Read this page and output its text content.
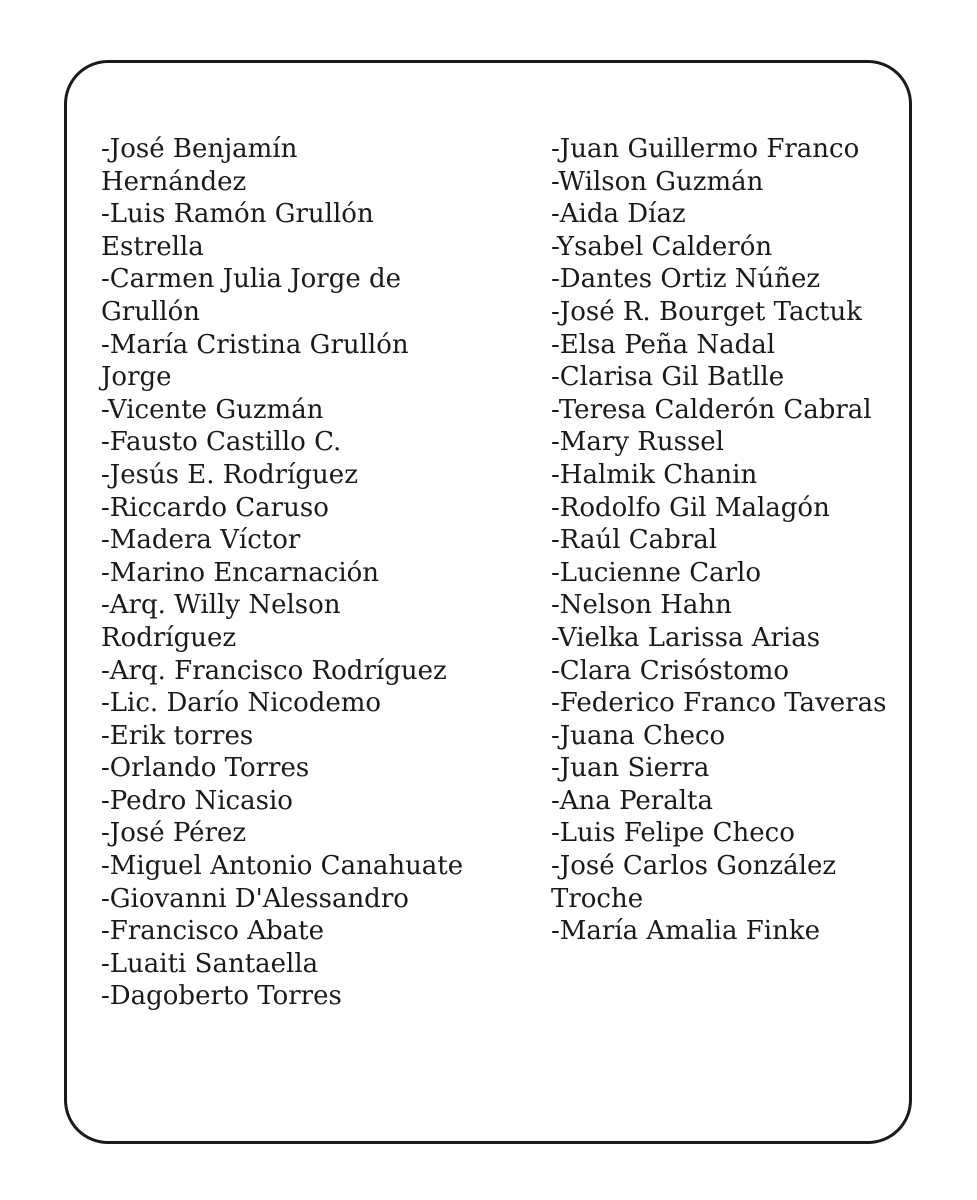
-José Benjamín
Hernández
-Luis Ramón Grullón
Estrella
-Carmen Julia Jorge de
Grullón
-María Cristina Grullón
Jorge
-Vicente Guzmán
-Fausto Castillo C.
-Jesús E. Rodríguez
-Riccardo Caruso
-Madera Víctor
-Marino Encarnación
-Arq. Willy Nelson
Rodríguez
-Arq. Francisco Rodríguez
-Lic. Darío Nicodemo
-Erik torres
-Orlando Torres
-Pedro Nicasio
-José Pérez
-Miguel Antonio Canahuate
-Giovanni D'Alessandro
-Francisco Abate
-Luaiti Santaella
-Dagoberto Torres
-Juan Guillermo Franco
-Wilson Guzmán
-Aida Díaz
-Ysabel Calderón
-Dantes Ortiz Núñez
-José R. Bourget Tactuk
-Elsa Peña Nadal
-Clarisa Gil Batlle
-Teresa Calderón Cabral
-Mary Russel
-Halmik Chanin
-Rodolfo Gil Malagón
-Raúl Cabral
-Lucienne Carlo
-Nelson Hahn
-Vielka Larissa Arias
-Clara Crisóstomo
-Federico Franco Taveras
-Juana Checo
-Juan Sierra
-Ana Peralta
-Luis Felipe Checo
-José Carlos González
Troche
-María Amalia Finke
